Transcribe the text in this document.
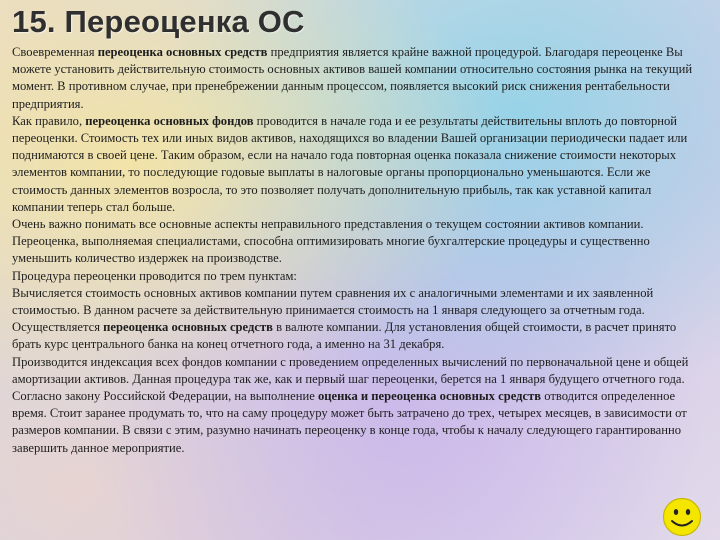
15. Переоценка ОС

Своевременная переоценка основных средств предприятия является крайне важной процедурой. Благодаря переоценке Вы можете установить действительную стоимость основных активов вашей компании относительно состояния рынка на текущий момент. В противном случае, при пренебрежении данным процессом, появляется высокий риск снижения рентабельности предприятия.

Как правило, переоценка основных фондов проводится в начале года и ее результаты действительны вплоть до повторной переоценки. Стоимость тех или иных видов активов, находящихся во владении Вашей организации периодически падает или поднимаются в своей цене. Таким образом, если на начало года повторная оценка показала снижение стоимости некоторых элементов компании, то последующие годовые выплаты в налоговые органы пропорционально уменьшаются. Если же стоимость данных элементов возросла, то это позволяет получать дополнительную прибыль, так как уставной капитал компании теперь стал больше.

Очень важно понимать все основные аспекты неправильного представления о текущем состоянии активов компании. Переоценка, выполняемая специалистами, способна оптимизировать многие бухгалтерские процедуры и существенно уменьшить количество издержек на производстве.

Процедура переоценки проводится по трем пунктам:

Вычисляется стоимость основных активов компании путем сравнения их с аналогичными элементами и их заявленной стоимостью. В данном расчете за действительную принимается стоимость на 1 января следующего за отчетным года.

Осуществляется переоценка основных средств в валюте компании. Для установления общей стоимости, в расчет принято брать курс центрального банка на конец отчетного года, а именно на 31 декабря.

Производится индексация всех фондов компании с проведением определенных вычислений по первоначальной цене и общей амортизации активов. Данная процедура так же, как и первый шаг переоценки, берется на 1 января будущего отчетного года.

Согласно закону Российской Федерации, на выполнение оценка и переоценка основных средств отводится определенное время. Стоит заранее продумать то, что на саму процедуру может быть затрачено до трех, четырех месяцев, в зависимости от размеров компании. В связи с этим, разумно начинать переоценку в конце года, чтобы к началу следующего гарантированно завершить данное мероприятие.
